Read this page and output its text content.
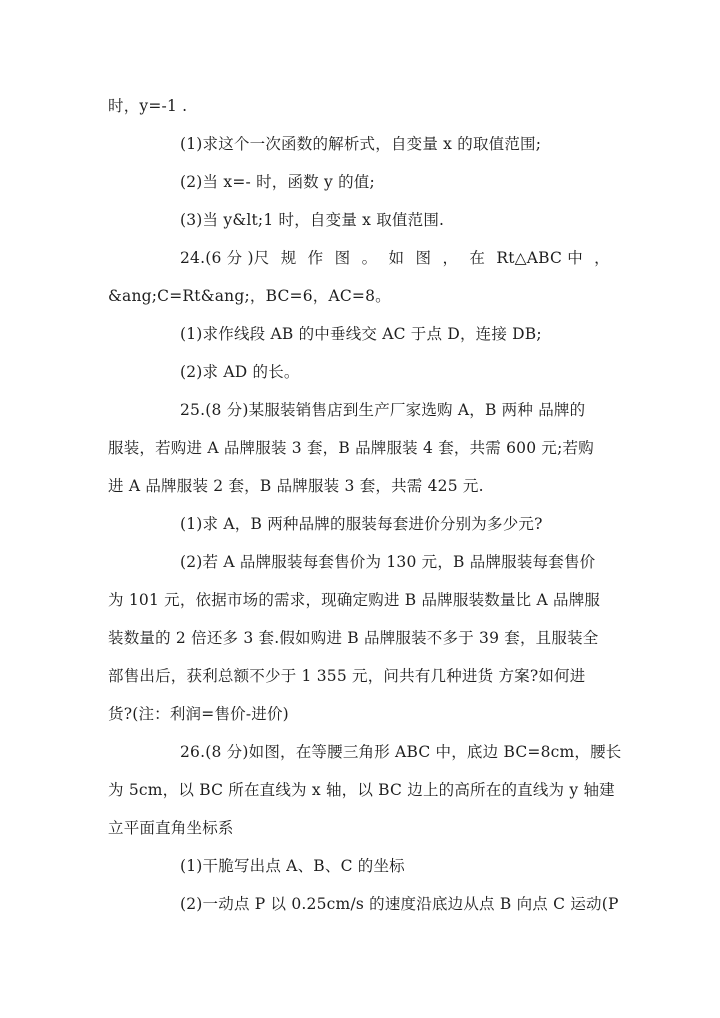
时，y=-1 .
(1)求这个一次函数的解析式，自变量 x 的取值范围;
(2)当 x=- 时，函数 y 的值;
(3)当 y&lt;1 时，自变量 x 取值范围.
24.(6 分 )尺 规 作 图 。 如 图 ， 在 Rt△ABC 中 ，
&ang;C=Rt&ang;，BC=6，AC=8。
(1)求作线段 AB 的中垂线交 AC 于点 D，连接 DB;
(2)求 AD 的长。
25.(8 分)某服装销售店到生产厂家选购 A，B 两种 品牌的
服装，若购进 A 品牌服装 3 套，B 品牌服装 4 套，共需 600 元;若购
进 A 品牌服装 2 套，B 品牌服装 3 套，共需 425 元.
(1)求 A，B 两种品牌的服装每套进价分别为多少元?
(2)若 A 品牌服装每套售价为 130 元，B 品牌服装每套售价
为 101 元，依据市场的需求，现确定购进 B 品牌服装数量比 A 品牌服
装数量的 2 倍还多 3 套.假如购进 B 品牌服装不多于 39 套，且服装全
部售出后，获利总额不少于 1 355 元，问共有几种进货 方案?如何进
货?(注：利润=售价-进价)
26.(8 分)如图，在等腰三角形 ABC 中，底边 BC=8cm，腰长
为 5cm，以 BC 所在直线为 x 轴，以 BC 边上的高所在的直线为 y 轴建
立平面直角坐标系
(1)干脆写出点 A、B、C 的坐标
(2)一动点 P 以 0.25cm/s 的速度沿底边从点 B 向点 C 运动(P
